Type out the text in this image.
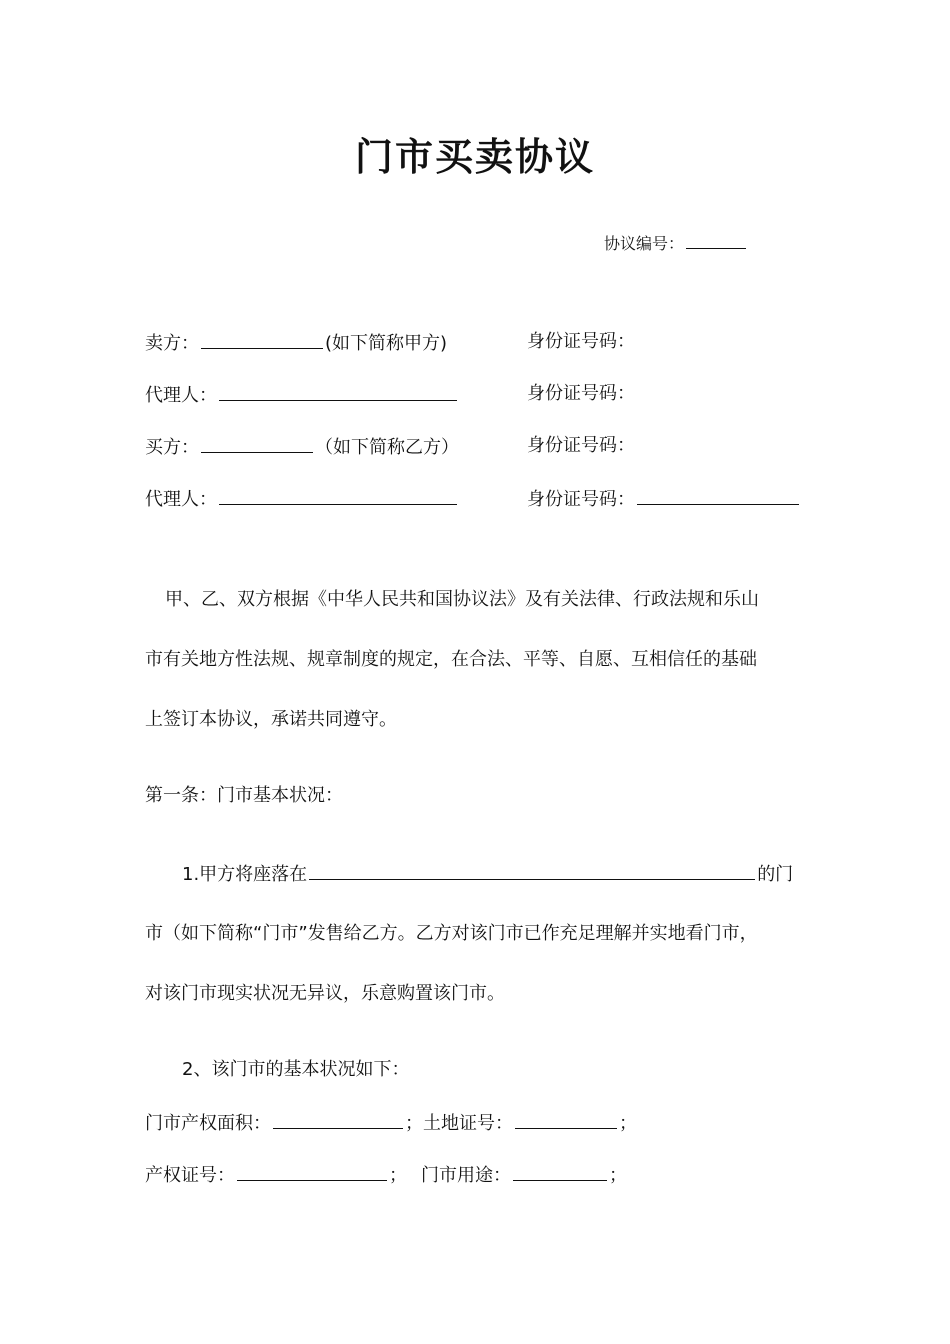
门市买卖协议
协议编号：
卖方：	(如下简称甲方)	身份证号码：
代理人：	身份证号码：
买方：	（如下简称乙方）	身份证号码：
代理人：	身份证号码：
甲、乙、双方根据《中华人民共和国协议法》及有关法律、行政法规和乐山
市有关地方性法规、规章制度的规定，在合法、平等、自愿、互相信任的基础
上签订本协议，承诺共同遵守。
第一条：门市基本状况：
1.甲方将座落在	的门
市（如下简称“门市”发售给乙方。乙方对该门市已作充足理解并实地看门市，
对该门市现实状况无异议，乐意购置该门市。
2、该门市的基本状况如下：
门市产权面积：	；土地证号：	；
产权证号：	； 门市用途：	；
